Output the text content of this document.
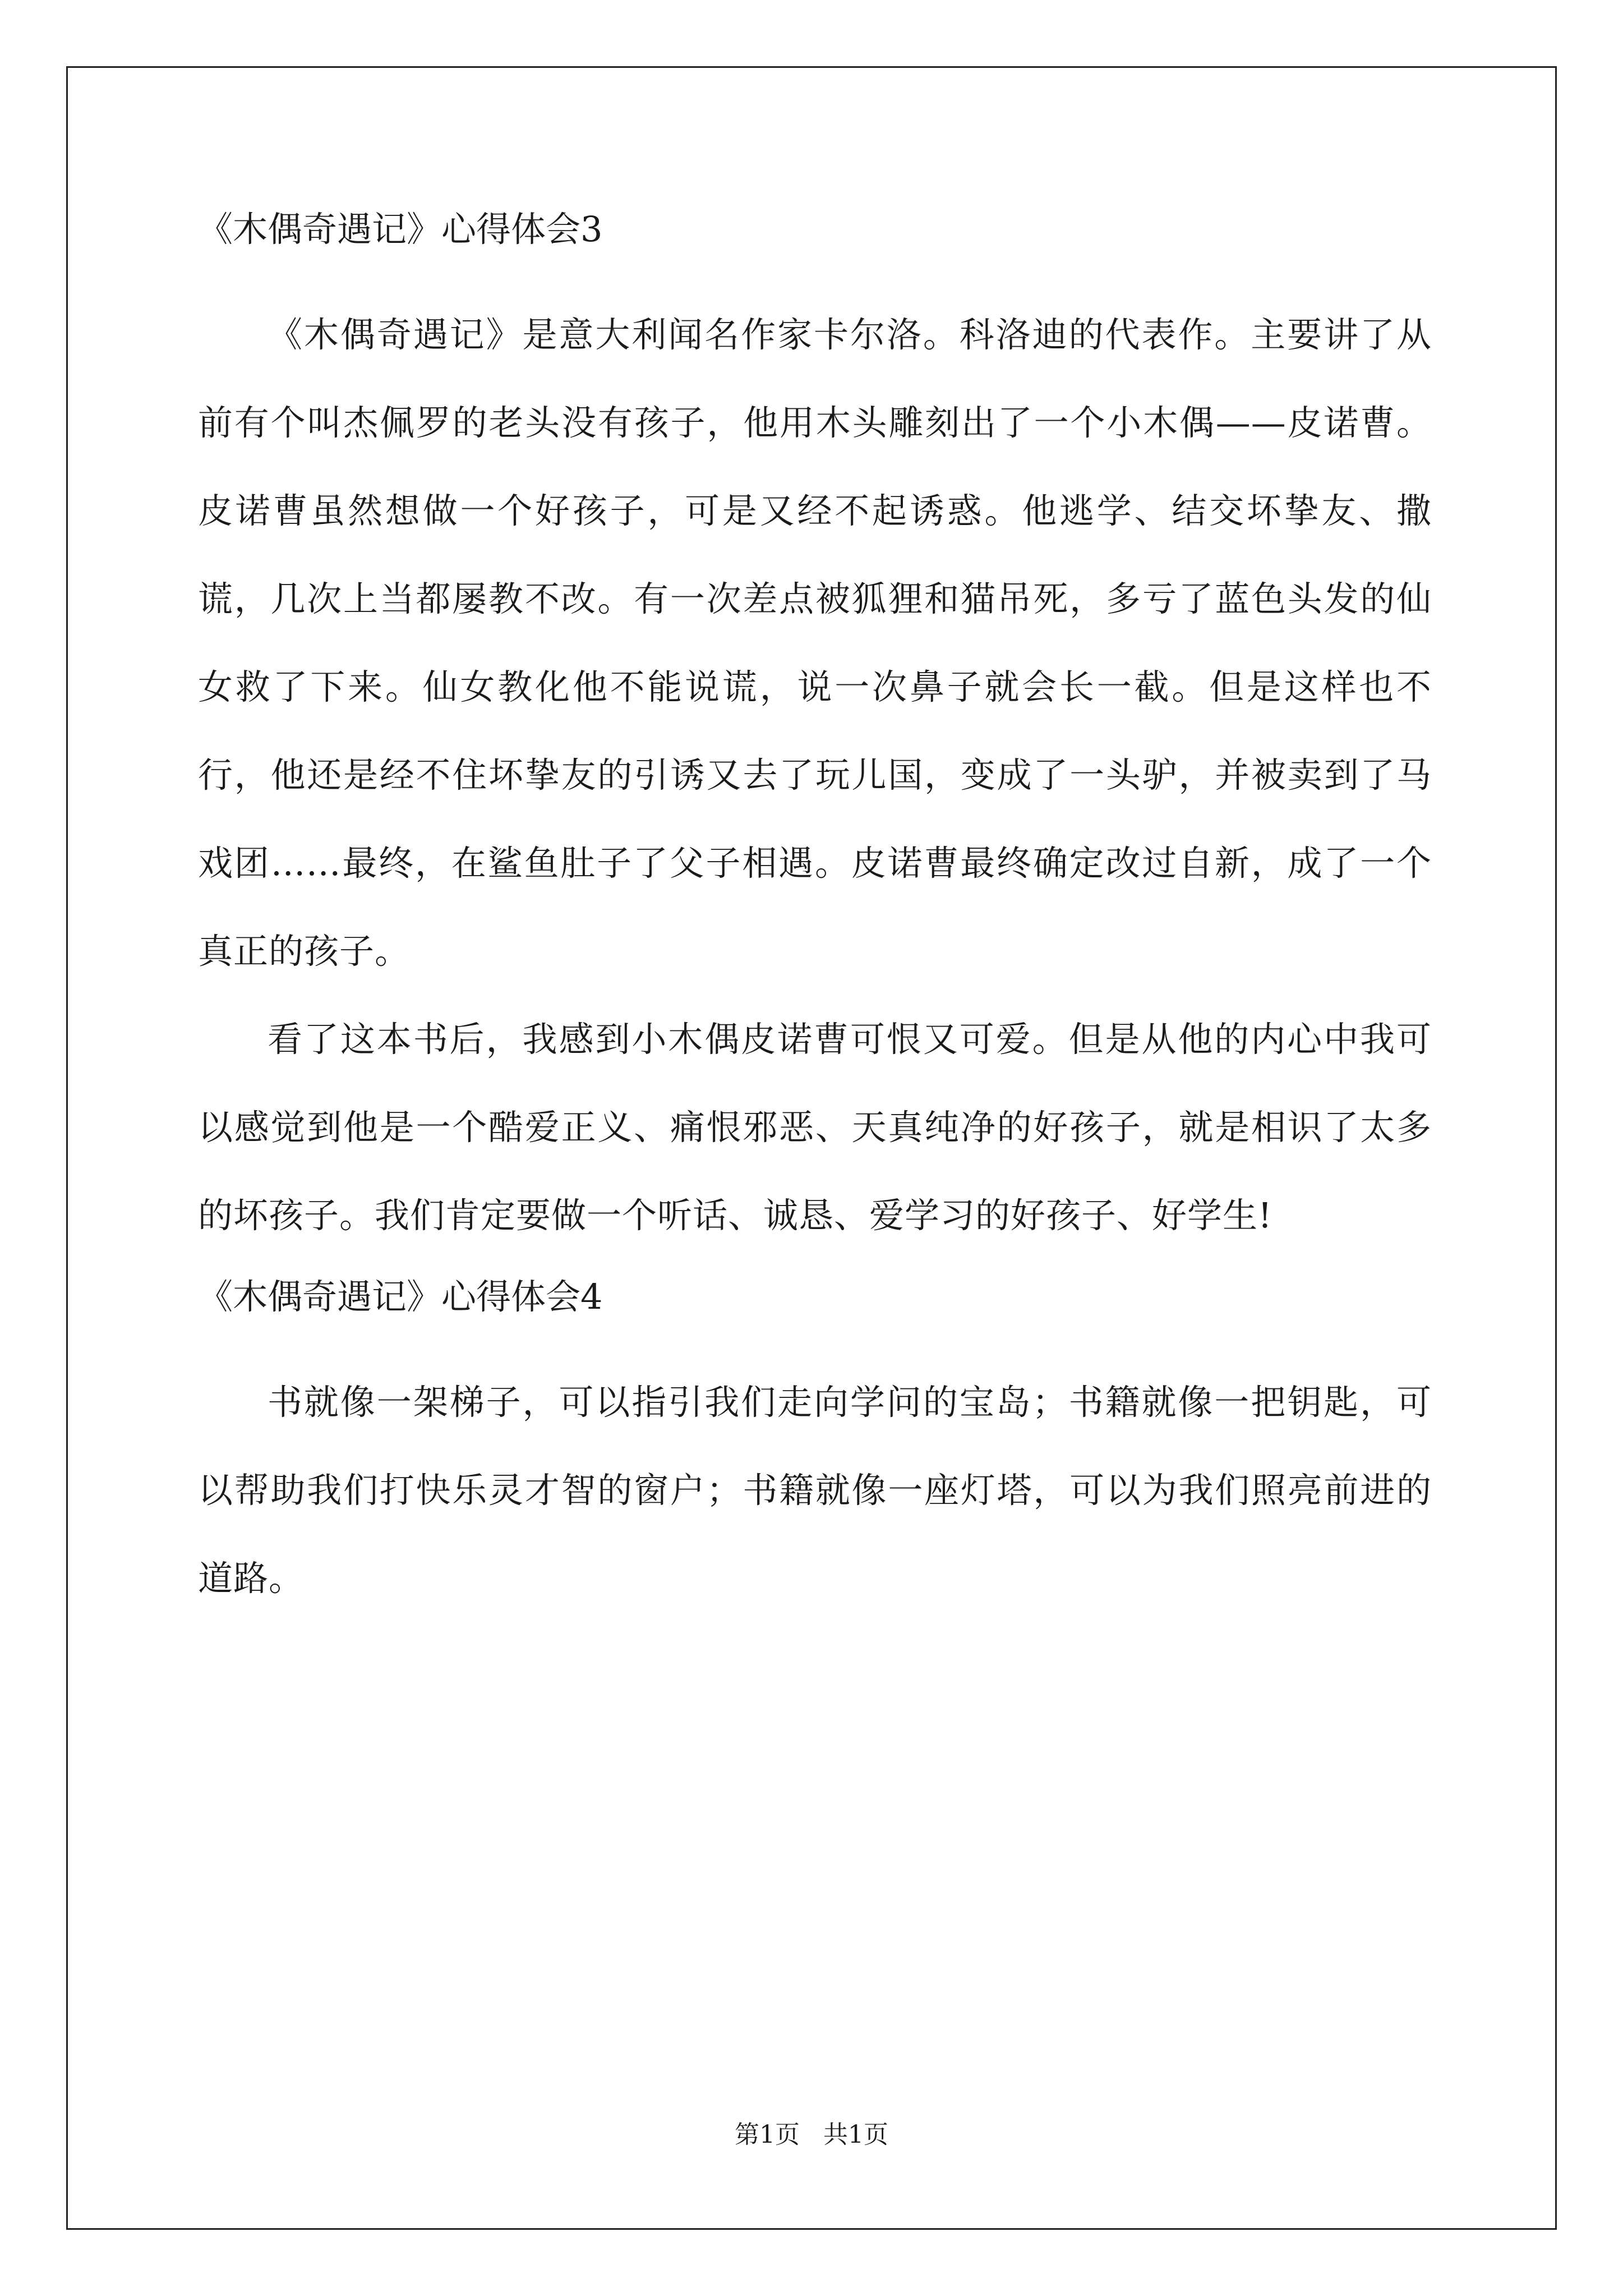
《木偶奇遇记》心得体会3

《木偶奇遇记》是意大利闻名作家卡尔洛。科洛迪的代表作。主要讲了从前有个叫杰佩罗的老头没有孩子，他用木头雕刻出了一个小木偶——皮诺曹。皮诺曹虽然想做一个好孩子，可是又经不起诱惑。他逃学、结交坏挚友、撒谎，几次上当都屡教不改。有一次差点被狐狸和猫吊死，多亏了蓝色头发的仙女救了下来。仙女教化他不能说谎，说一次鼻子就会长一截。但是这样也不行，他还是经不住坏挚友的引诱又去了玩儿国，变成了一头驴，并被卖到了马戏团……最终，在鲨鱼肚子了父子相遇。皮诺曹最终确定改过自新，成了一个真正的孩子。

看了这本书后，我感到小木偶皮诺曹可恨又可爱。但是从他的内心中我可以感觉到他是一个酷爱正义、痛恨邪恶、天真纯净的好孩子，就是相识了太多的坏孩子。我们肯定要做一个听话、诚恳、爱学习的好孩子、好学生!

《木偶奇遇记》心得体会4

书就像一架梯子，可以指引我们走向学问的宝岛；书籍就像一把钥匙，可以帮助我们打快乐灵才智的窗户；书籍就像一座灯塔，可以为我们照亮前进的道路。

第1页   共1页
